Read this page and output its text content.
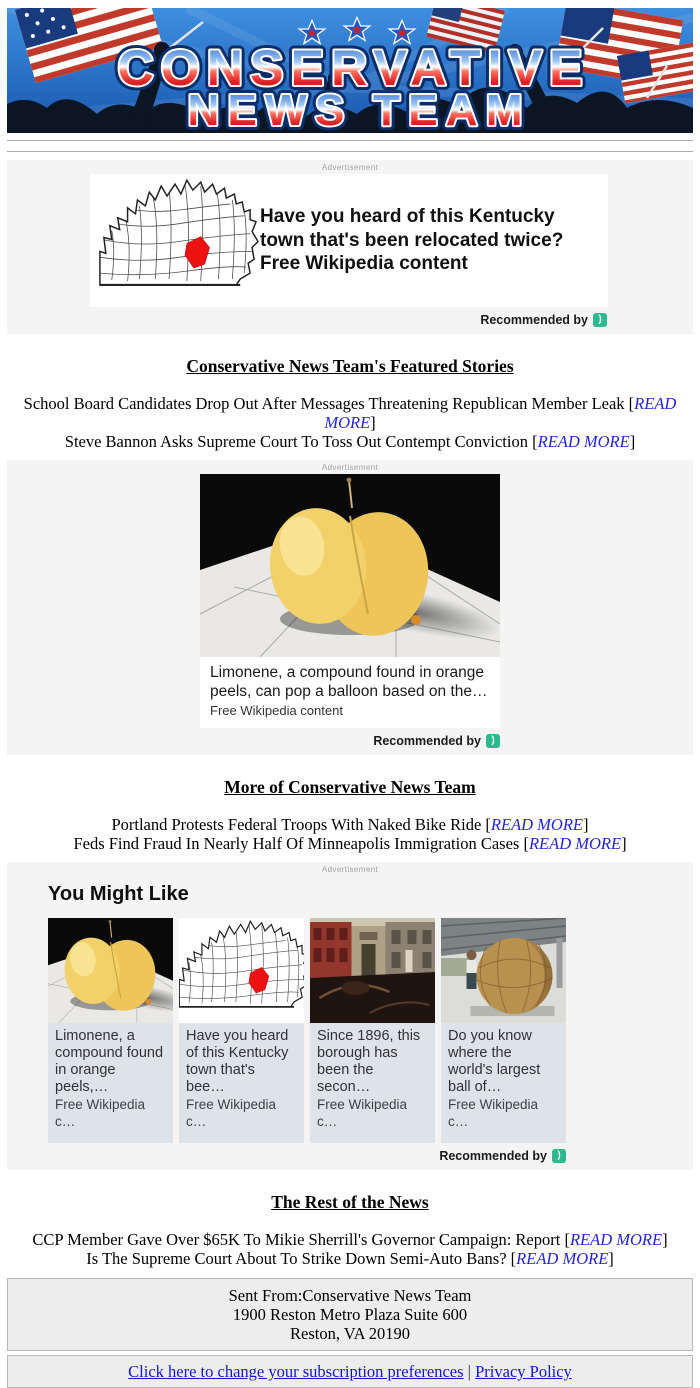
Advertisement
Have you heard of this Kentucky town that's been relocated twice?
Free Wikipedia content
Recommended by	)
Conservative News Team's Featured Stories

School Board Candidates Drop Out After Messages Threatening Republican Member Leak [READ MORE]
Steve Bannon Asks Supreme Court To Toss Out Contempt Conviction [READ MORE]

Advertisement
Limonene, a compound found in orange peels, can pop a balloon based on the…
Free Wikipedia content
Recommended by	)
More of Conservative News Team

Portland Protests Federal Troops With Naked Bike Ride [READ MORE]
Feds Find Fraud In Nearly Half Of Minneapolis Immigration Cases [READ MORE]

Advertisement
You Might Like
Limonene, a compound found in orange peels,…
Free Wikipedia c…
Have you heard of this Kentucky town that's bee…
Free Wikipedia c…
Since 1896, this borough has been the secon…
Free Wikipedia c…
Do you know where the world's largest ball of…
Free Wikipedia c…
Recommended by	)
The Rest of the News

CCP Member Gave Over $65K To Mikie Sherrill's Governor Campaign: Report [READ MORE]
Is The Supreme Court About To Strike Down Semi-Auto Bans? [READ MORE]

Sent From:Conservative News Team
1900 Reston Metro Plaza Suite 600
Reston, VA 20190
Click here to change your subscription preferences | Privacy Policy
